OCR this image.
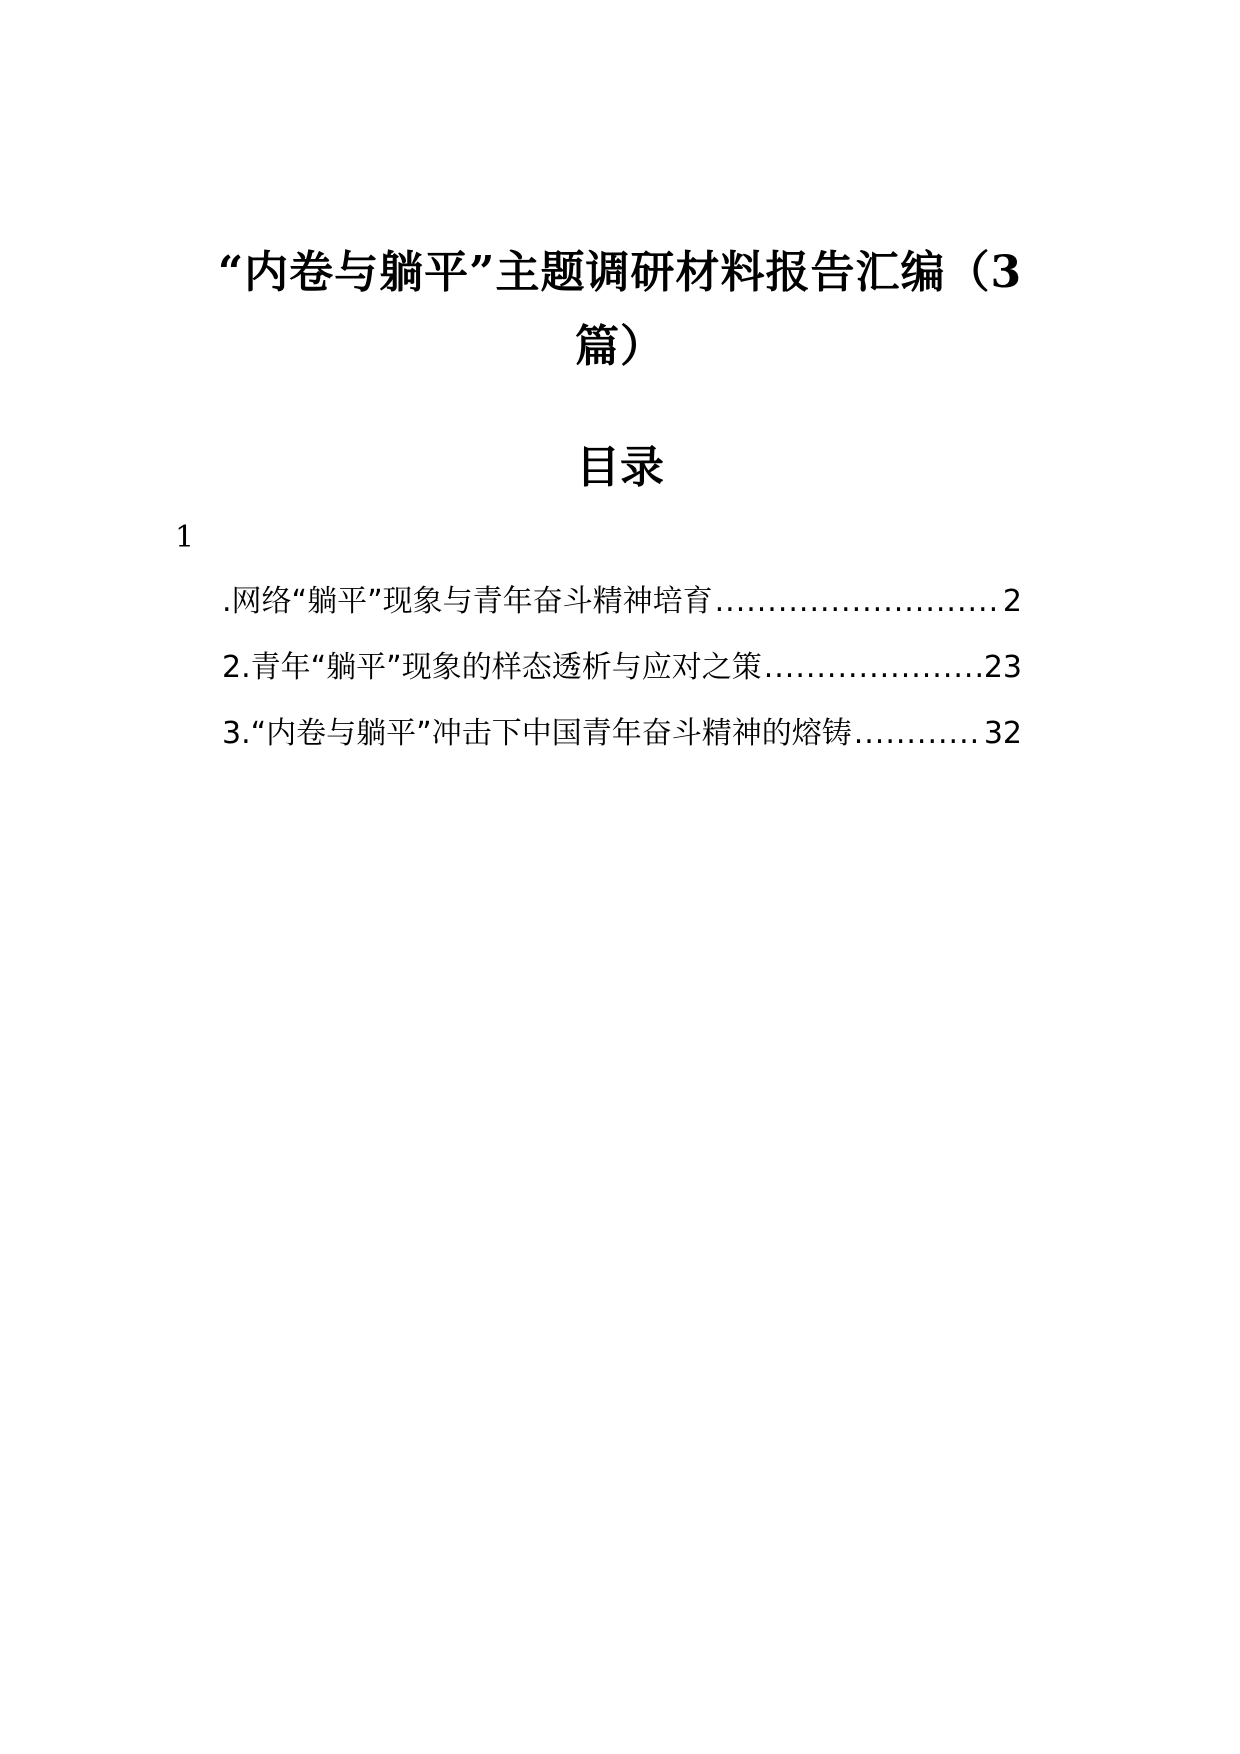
“内卷与躺平”主题调研材料报告汇编（3篇）
目录
1
.网络“躺平”现象与青年奋斗精神培育 .....	2
2.青年“躺平”现象的样态透析与应对之策 .....	23
3.“内卷与躺平”冲击下中国青年奋斗精神的熔铸 .....	32
